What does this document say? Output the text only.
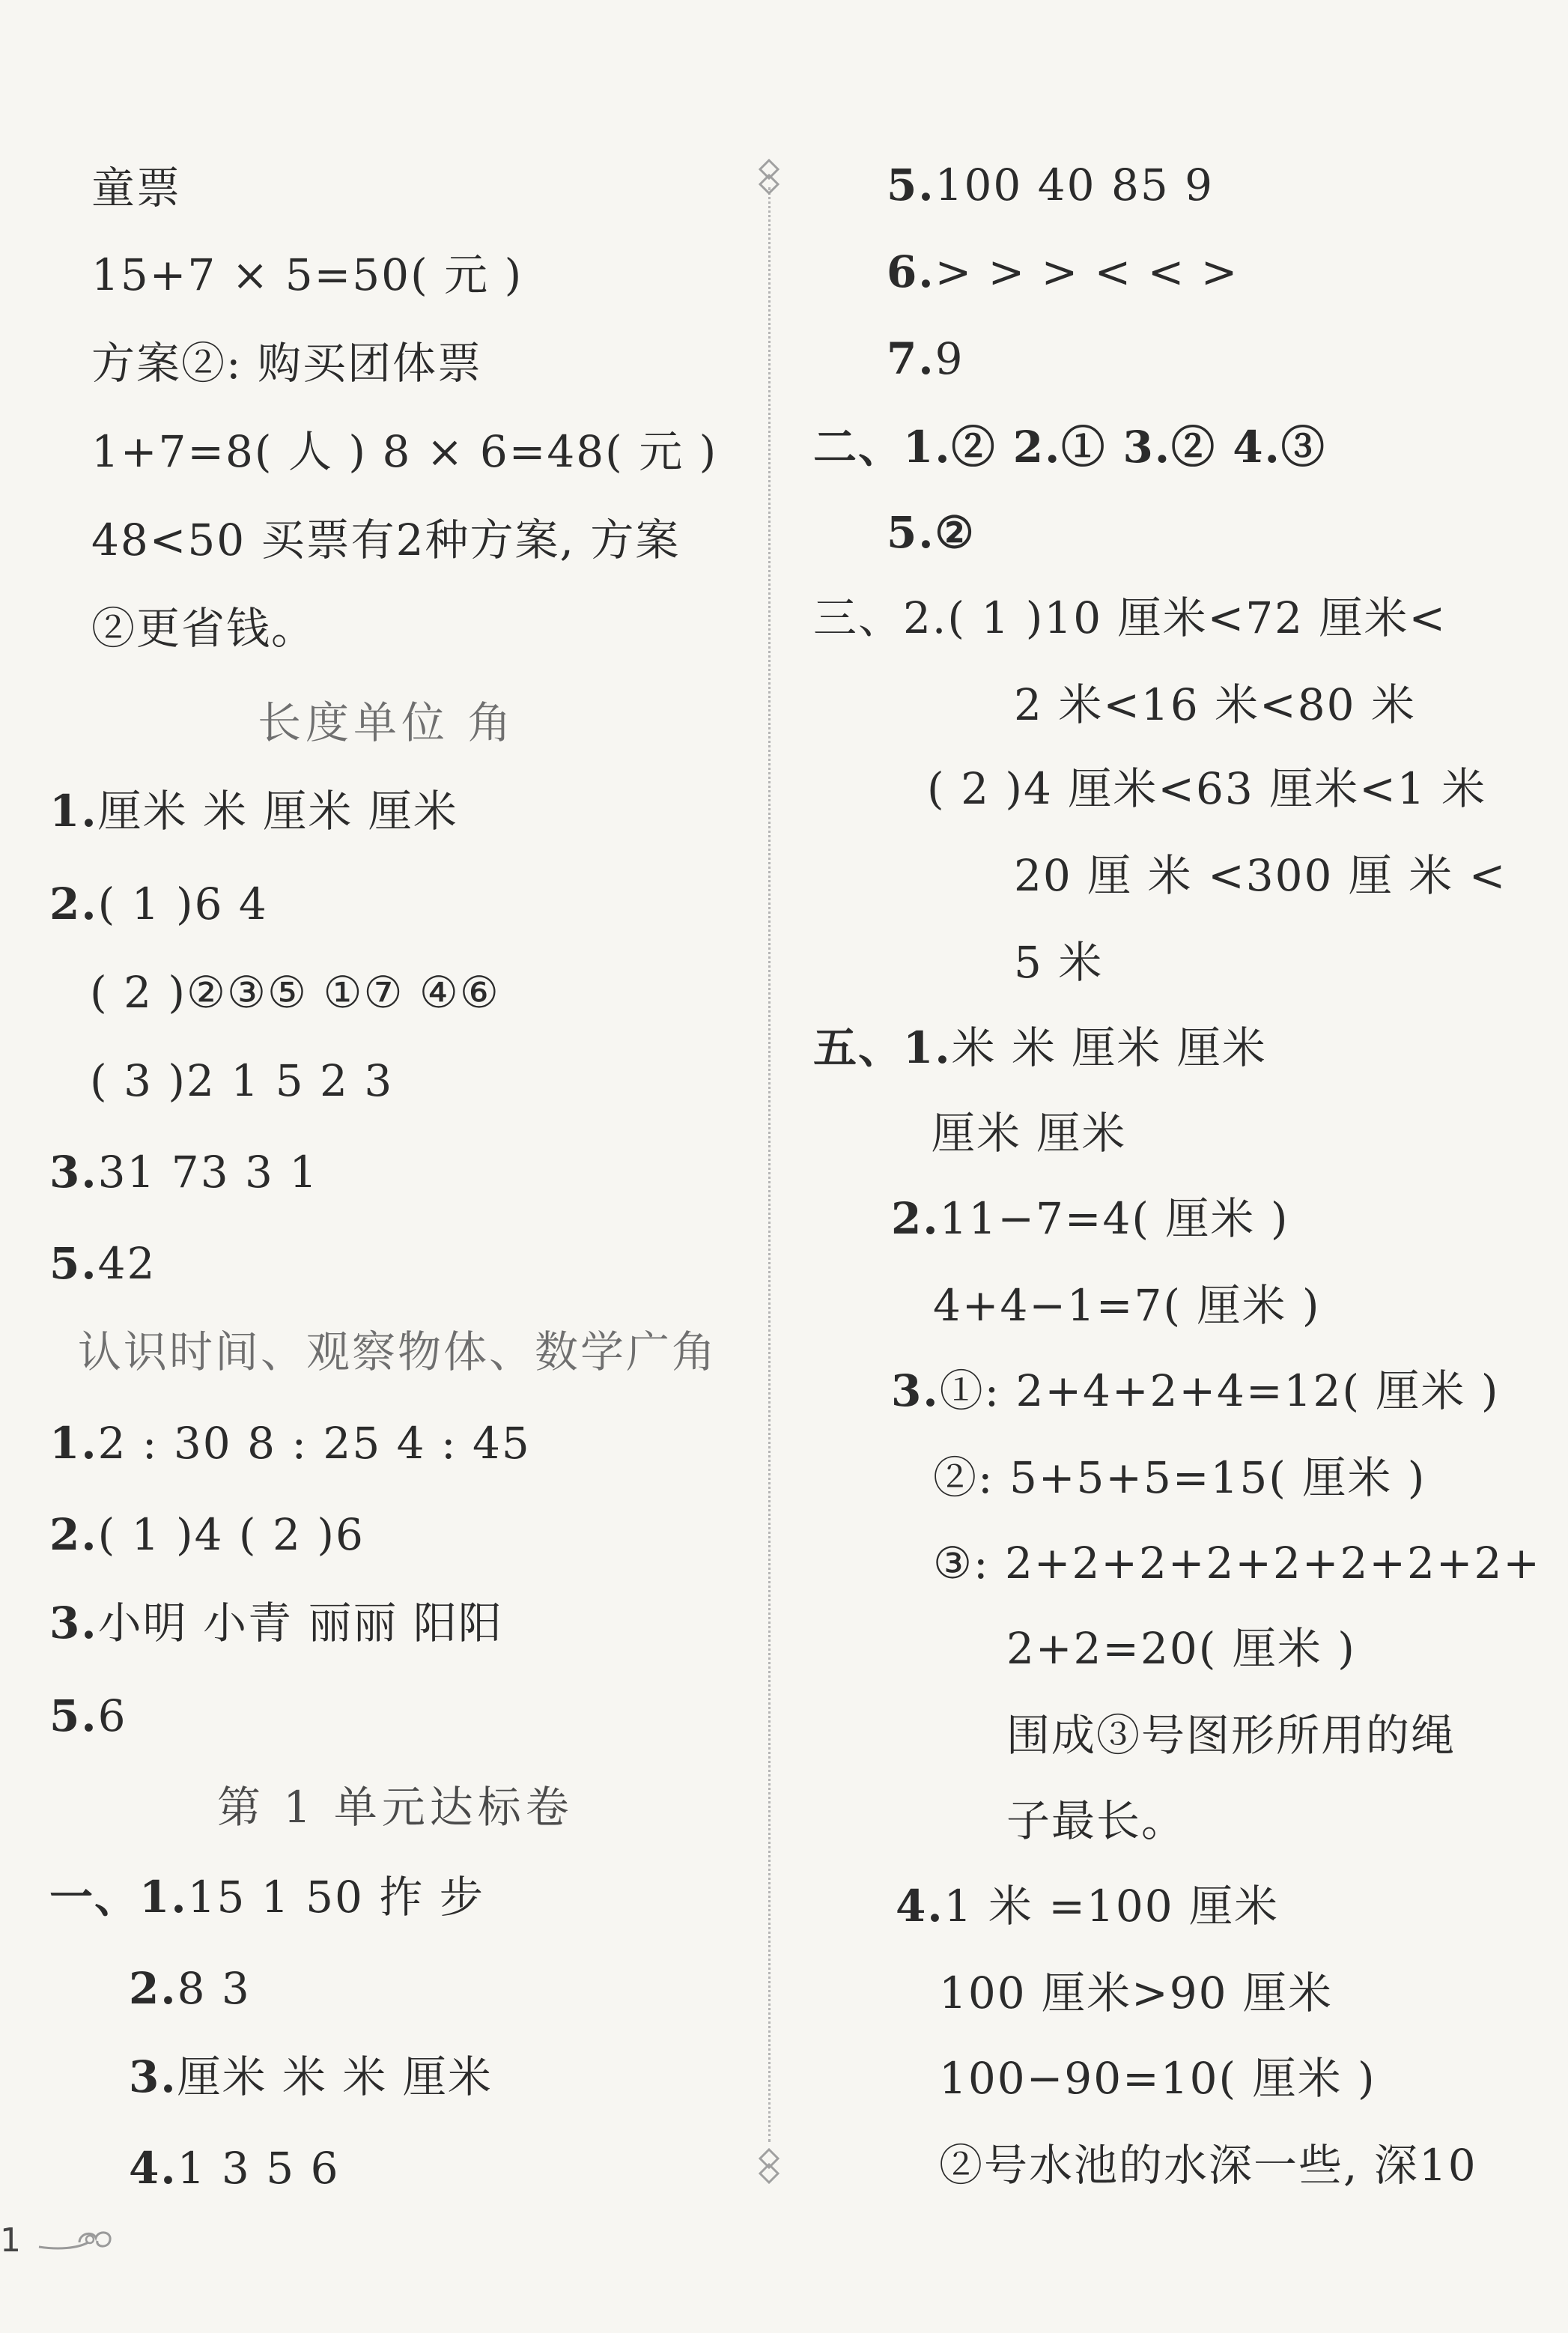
童票
15+7 × 5=50( 元 )
方案②: 购买团体票
1+7=8( 人 ) 8 × 6=48( 元 )
48<50 买票有2种方案, 方案
②更省钱。
长度单位 角
1.厘米 米 厘米 厘米
2.( 1 )6 4
( 2 )②③⑤ ①⑦ ④⑥
( 3 )2 1 5 2 3
3.31 73 3 1
5.42
认识时间、观察物体、数学广角
1.2 : 30 8 : 25 4 : 45
2.( 1 )4 ( 2 )6
3.小明 小青 丽丽 阳阳
5.6
第 1 单元达标卷
一、1.15 1 50 拃 步
2.8 3
3.厘米 米 米 厘米
4.1 3 5 6
5.100 40 85 9
6.> > > < < >
7.9
二、1.② 2.① 3.② 4.③
5.②
三、2.( 1 )10 厘米<72 厘米<
2 米<16 米<80 米
( 2 )4 厘米<63 厘米<1 米
20 厘 米 <300 厘 米 <
5 米
五、1.米 米 厘米 厘米
厘米 厘米
2.11−7=4( 厘米 )
4+4−1=7( 厘米 )
3.①: 2+4+2+4=12( 厘米 )
②: 5+5+5=15( 厘米 )
③: 2+2+2+2+2+2+2+2+
2+2=20( 厘米 )
围成③号图形所用的绳
子最长。
4.1 米 =100 厘米
100 厘米>90 厘米
100−90=10( 厘米 )
②号水池的水深一些, 深10
1
